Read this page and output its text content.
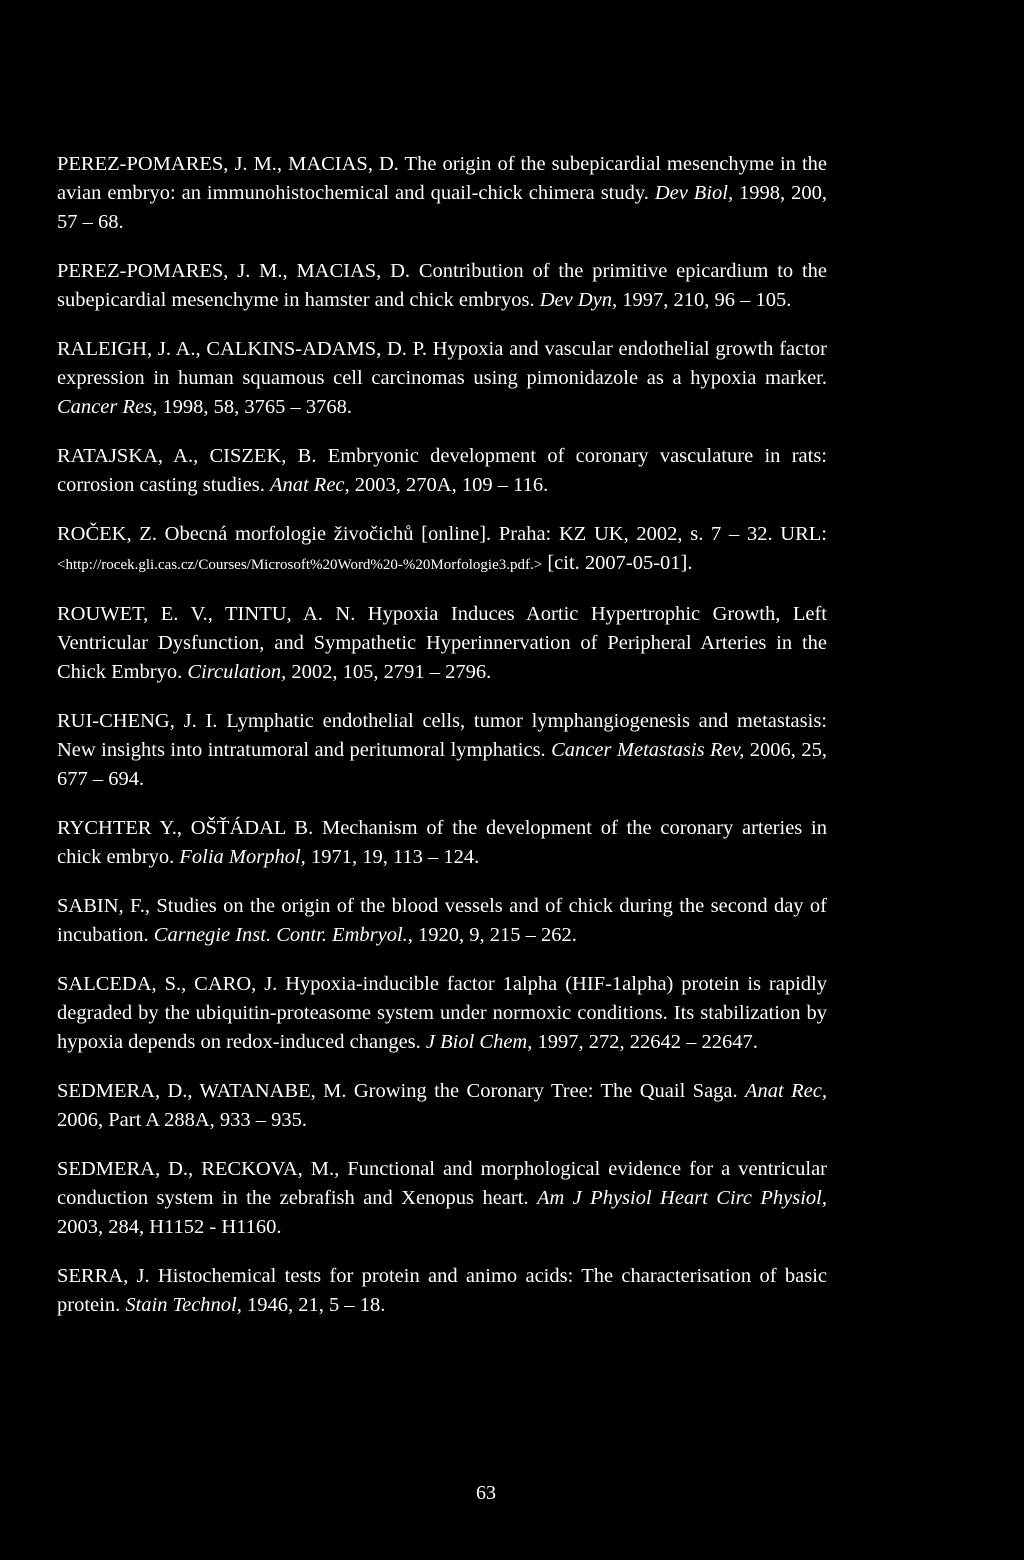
PEREZ-POMARES, J. M., MACIAS, D. The origin of the subepicardial mesenchyme in the avian embryo: an immunohistochemical and quail-chick chimera study. Dev Biol, 1998, 200, 57 – 68.

PEREZ-POMARES, J. M., MACIAS, D. Contribution of the primitive epicardium to the subepicardial mesenchyme in hamster and chick embryos. Dev Dyn, 1997, 210, 96 – 105.

RALEIGH, J. A., CALKINS-ADAMS, D. P. Hypoxia and vascular endothelial growth factor expression in human squamous cell carcinomas using pimonidazole as a hypoxia marker. Cancer Res, 1998, 58, 3765 – 3768.

RATAJSKA, A., CISZEK, B. Embryonic development of coronary vasculature in rats: corrosion casting studies. Anat Rec, 2003, 270A, 109 – 116.

ROČEK, Z. Obecná morfologie živočichů [online]. Praha: KZ UK, 2002, s. 7 – 32. URL:<http://rocek.gli.cas.cz/Courses/Microsoft%20Word%20-%20Morfologie3.pdf.> [cit. 2007-05-01].

ROUWET, E. V., TINTU, A. N. Hypoxia Induces Aortic Hypertrophic Growth, Left Ventricular Dysfunction, and Sympathetic Hyperinnervation of Peripheral Arteries in the Chick Embryo. Circulation, 2002, 105, 2791 – 2796.

RUI-CHENG, J. I. Lymphatic endothelial cells, tumor lymphangiogenesis and metastasis: New insights into intratumoral and peritumoral lymphatics. Cancer Metastasis Rev, 2006, 25, 677 – 694.

RYCHTER Y., OŠŤÁDAL B. Mechanism of the development of the coronary arteries in chick embryo. Folia Morphol, 1971, 19, 113 – 124.

SABIN, F., Studies on the origin of the blood vessels and of chick during the second day of incubation. Carnegie Inst. Contr. Embryol., 1920, 9, 215 – 262.

SALCEDA, S., CARO, J. Hypoxia-inducible factor 1alpha (HIF-1alpha) protein is rapidly degraded by the ubiquitin-proteasome system under normoxic conditions. Its stabilization by hypoxia depends on redox-induced changes. J Biol Chem, 1997, 272, 22642 – 22647.

SEDMERA, D., WATANABE, M. Growing the Coronary Tree: The Quail Saga. Anat Rec, 2006, Part A 288A, 933 – 935.

SEDMERA, D., RECKOVA, M., Functional and morphological evidence for a ventricular conduction system in the zebrafish and Xenopus heart. Am J Physiol Heart Circ Physiol, 2003, 284, H1152 - H1160.

SERRA, J. Histochemical tests for protein and animo acids: The characterisation of basic protein. Stain Technol, 1946, 21, 5 – 18.

63
